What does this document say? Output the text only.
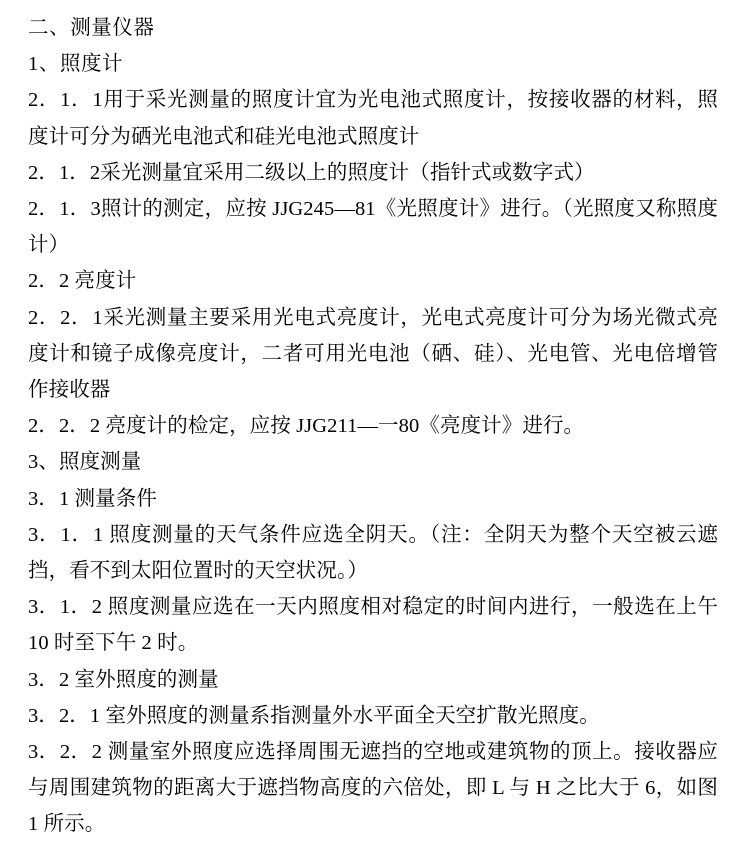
二、测量仪器

1、照度计

2．1．1用于采光测量的照度计宜为光电池式照度计，按接收器的材料，照度计可分为硒光电池式和硅光电池式照度计

2．1．2采光测量宜采用二级以上的照度计（指针式或数字式）

2．1．3照计的测定，应按 JJG245—81《光照度计》进行。（光照度又称照度计）

2．2 亮度计

2．2．1采光测量主要采用光电式亮度计，光电式亮度计可分为场光微式亮度计和镜子成像亮度计，二者可用光电池（硒、硅）、光电管、光电倍增管作接收器

2．2．2 亮度计的检定，应按 JJG211—一80《亮度计》进行。

3、照度测量

3．1 测量条件

3．1．1 照度测量的天气条件应选全阴天。（注：全阴天为整个天空被云遮挡，看不到太阳位置时的天空状况。）

3．1．2 照度测量应选在一天内照度相对稳定的时间内进行，一般选在上午 10 时至下午 2 时。

3．2 室外照度的测量

3．2．1 室外照度的测量系指测量外水平面全天空扩散光照度。

3．2．2 测量室外照度应选择周围无遮挡的空地或建筑物的顶上。接收器应与周围建筑物的距离大于遮挡物高度的六倍处，即 L 与 H 之比大于 6，如图 1 所示。
